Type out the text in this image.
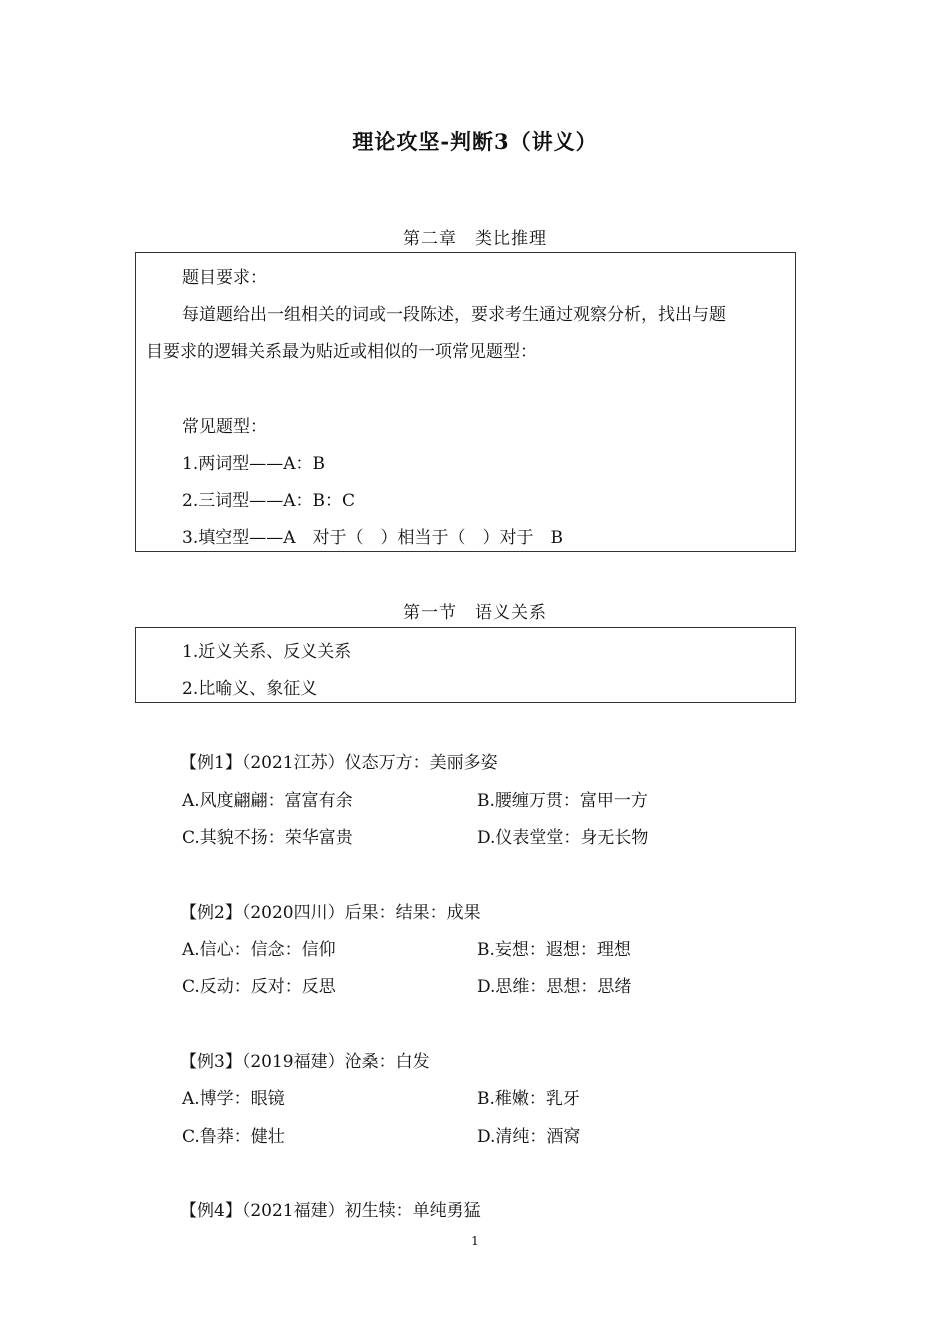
理论攻坚-判断3（讲义）
第二章　类比推理
题目要求：
每道题给出一组相关的词或一段陈述，要求考生通过观察分析，找出与题
目要求的逻辑关系最为贴近或相似的一项常见题型：
常见题型：
1.两词型——A：B
2.三词型——A：B：C
3.填空型——A　对于（　）相当于（　）对于　B
第一节　语义关系
1.近义关系、反义关系
2.比喻义、象征义
【例1】（2021江苏）仪态万方：美丽多姿
A.风度翩翩：富富有余	B.腰缠万贯：富甲一方
C.其貌不扬：荣华富贵	D.仪表堂堂：身无长物
【例2】（2020四川）后果：结果：成果
A.信心：信念：信仰	B.妄想：遐想：理想
C.反动：反对：反思	D.思维：思想：思绪
【例3】（2019福建）沧桑：白发
A.博学：眼镜	B.稚嫩：乳牙
C.鲁莽：健壮	D.清纯：酒窝
【例4】（2021福建）初生犊：单纯勇猛
1
